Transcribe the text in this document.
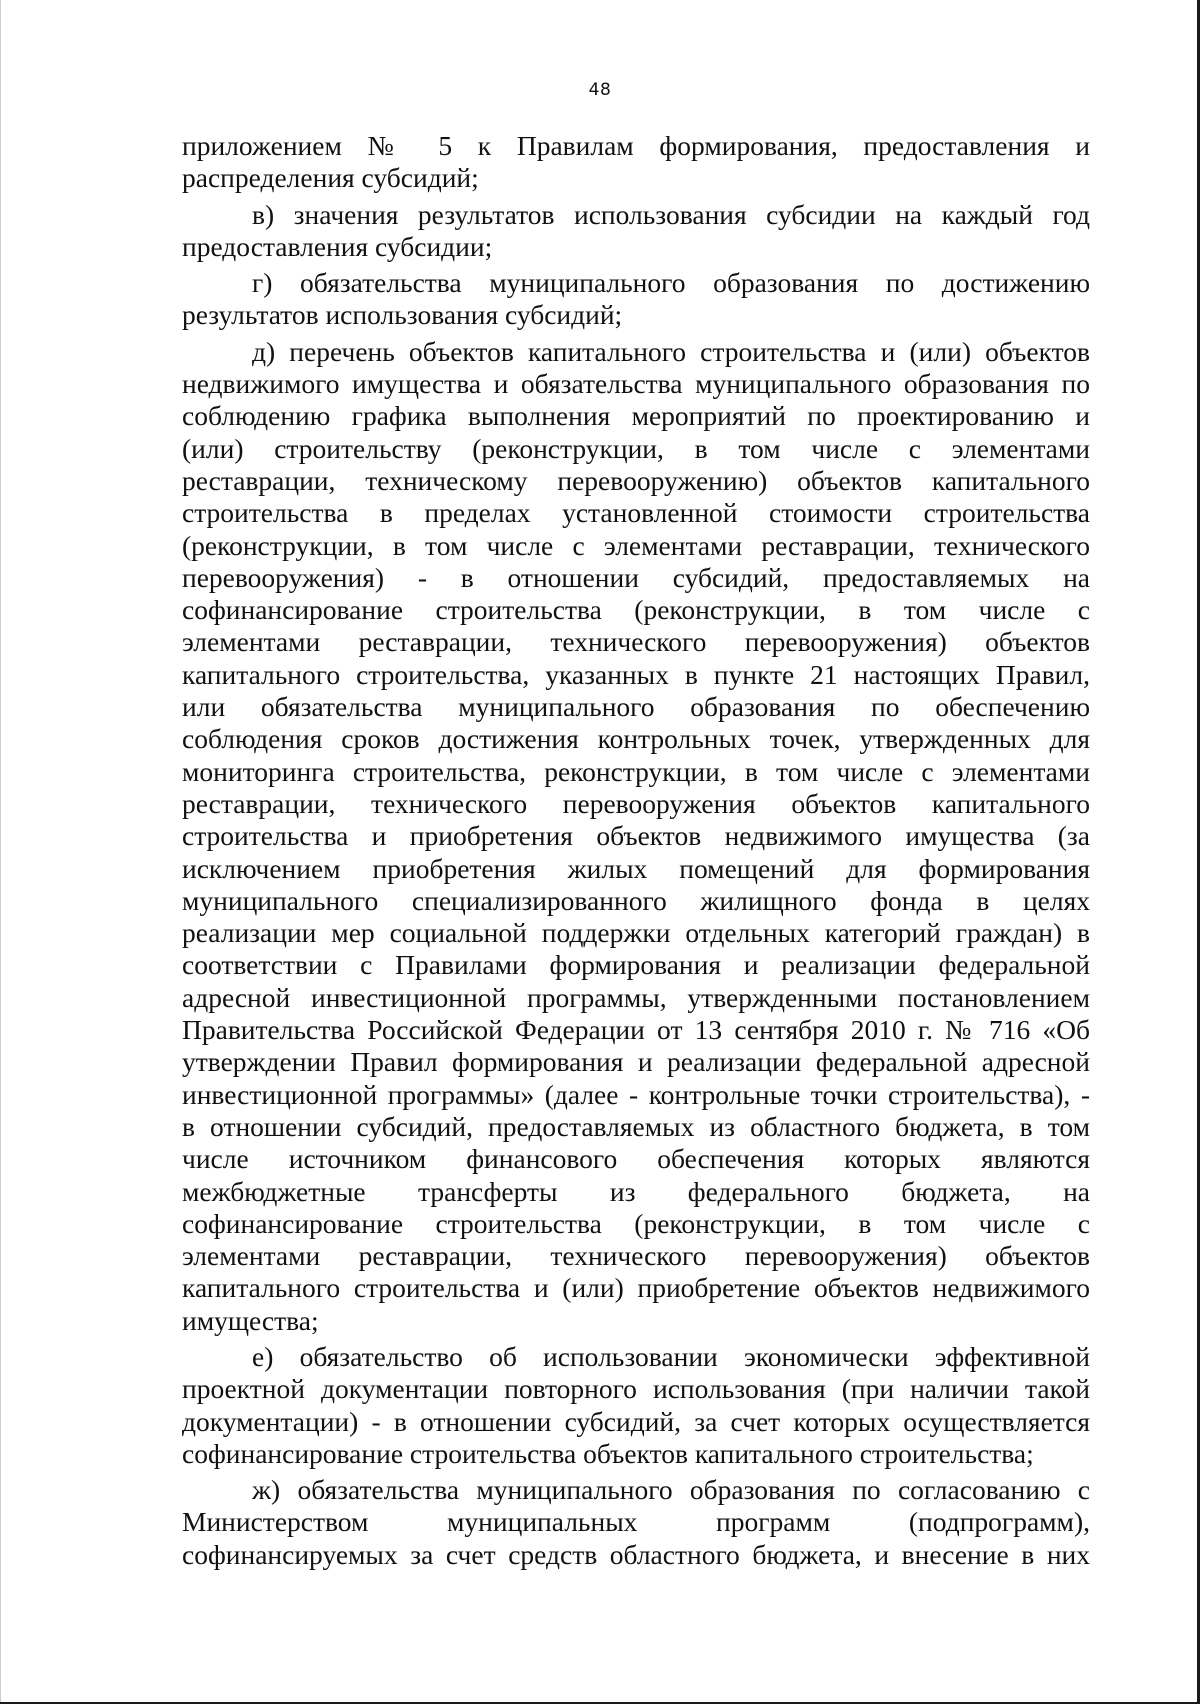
48
приложением № 5 к Правилам формирования, предоставления и
распределения субсидий;
в) значения результатов использования субсидии на каждый год
предоставления субсидии;
г) обязательства муниципального образования по достижению
результатов использования субсидий;
д) перечень объектов капитального строительства и (или) объектов
недвижимого имущества и обязательства муниципального образования по
соблюдению графика выполнения мероприятий по проектированию и
(или) строительству (реконструкции, в том числе с элементами
реставрации, техническому перевооружению) объектов капитального
строительства в пределах установленной стоимости строительства
(реконструкции, в том числе с элементами реставрации, технического
перевооружения) - в отношении субсидий, предоставляемых на
софинансирование строительства (реконструкции, в том числе с
элементами реставрации, технического перевооружения) объектов
капитального строительства, указанных в пункте 21 настоящих Правил,
или обязательства муниципального образования по обеспечению
соблюдения сроков достижения контрольных точек, утвержденных для
мониторинга строительства, реконструкции, в том числе с элементами
реставрации, технического перевооружения объектов капитального
строительства и приобретения объектов недвижимого имущества (за
исключением приобретения жилых помещений для формирования
муниципального специализированного жилищного фонда в целях
реализации мер социальной поддержки отдельных категорий граждан) в
соответствии с Правилами формирования и реализации федеральной
адресной инвестиционной программы, утвержденными постановлением
Правительства Российской Федерации от 13 сентября 2010 г. № 716 «Об
утверждении Правил формирования и реализации федеральной адресной
инвестиционной программы» (далее - контрольные точки строительства), -
в отношении субсидий, предоставляемых из областного бюджета, в том
числе источником финансового обеспечения которых являются
межбюджетные трансферты из федерального бюджета, на
софинансирование строительства (реконструкции, в том числе с
элементами реставрации, технического перевооружения) объектов
капитального строительства и (или) приобретение объектов недвижимого
имущества;
е) обязательство об использовании экономически эффективной
проектной документации повторного использования (при наличии такой
документации) - в отношении субсидий, за счет которых осуществляется
софинансирование строительства объектов капитального строительства;
ж) обязательства муниципального образования по согласованию с
Министерством муниципальных программ (подпрограмм),
софинансируемых за счет средств областного бюджета, и внесение в них
